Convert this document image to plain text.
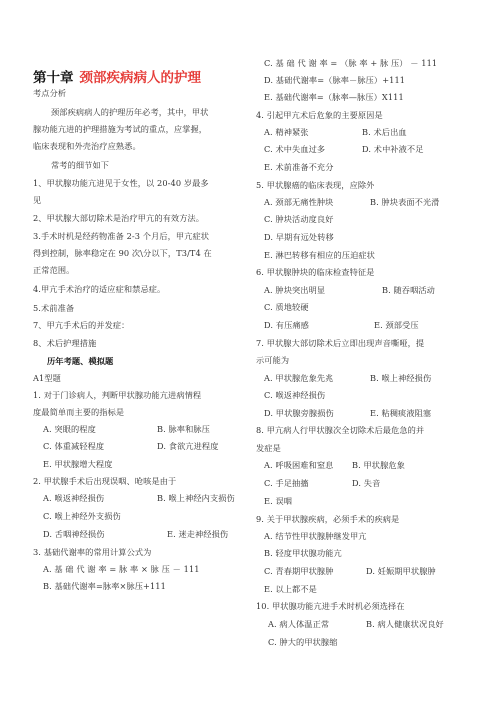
第十章 颈部疾病病人的护理
考点分析
颈部疾病病人的护理历年必考，其中，甲状
腺功能亢进的护理措施为考试的重点，应掌握，
临床表现和外壳治疗应熟悉。
常考的细节如下
1、甲状腺功能亢进见于女性，以 20-40 岁最多
见
2、甲状腺大部切除术是治疗甲亢的有效方法。
3.手术时机是经药物准备 2-3 个月后，甲亢症状
得到控制，脉率稳定在 90 次\分以下，T3/T4 在
正常范围。
4.甲亢手术治疗的适应症和禁忌症。
5.术前准备
7、甲亢手术后的并发症：
8、术后护理措施
历年考题、模拟题
A1型题
1. 对于门诊病人，判断甲状腺功能亢进病情程
度最简单而主要的指标是
A. 突眼的程度	B. 脉率和脉压
C. 体重减轻程度	D. 食欲亢进程度
E. 甲状腺增大程度
2. 甲状腺手术后出现误咽、呛咳是由于
A. 喉返神经损伤	B. 喉上神经内支损伤
C. 喉上神经外支损伤
D. 舌咽神经损伤	E. 迷走神经损伤
3. 基础代谢率的常用计算公式为
A. 基 础 代 谢 率 = 脉 率 × 脉 压 － 111
B. 基础代谢率=脉率×脉压+111
C. 基 础 代 谢 率 = （脉 率 + 脉 压） － 111
D. 基础代谢率=（脉率－脉压）+111
E. 基础代谢率=（脉率—脉压）X111
4. 引起甲亢术后危象的主要原因是
A. 精神紧张	B. 术后出血
C. 术中失血过多	D. 术中补液不足
E. 术前准备不充分
5. 甲状腺癌的临床表现，应除外
A. 颈部无痛性肿块	B. 肿块表面不光滑
C. 肿块活动度良好
D. 早期有远处转移
E. 淋巴转移有相应的压迫症状
6. 甲状腺肿块的临床检查特征是
A. 肿块突出明显	B. 随吞咽活动
C. 质地较硬
D. 有压痛感	E. 颈部受压
7. 甲状腺大部切除术后立即出现声音嘶哑，提
示可能为
A. 甲状腺危象先兆	B. 喉上神经损伤
C. 喉返神经损伤
D. 甲状腺旁腺损伤	E. 粘稠痰液阻塞
8. 甲亢病人行甲状腺次全切除术后最危急的并
发症是
A. 呼吸困难和窒息 B. 甲状腺危象
C. 手足抽搐	D. 失音
E. 误咽
9. 关于甲状腺疾病，必须手术的疾病是
A. 结节性甲状腺肿继发甲亢
B. 轻度甲状腺功能亢
C. 青春期甲状腺肿	D. 妊娠期甲状腺肿
E. 以上都不是
10. 甲状腺功能亢进手术时机必须选择在
A. 病人体温正常	B. 病人健康状况良好
C. 肿大的甲状腺缩
